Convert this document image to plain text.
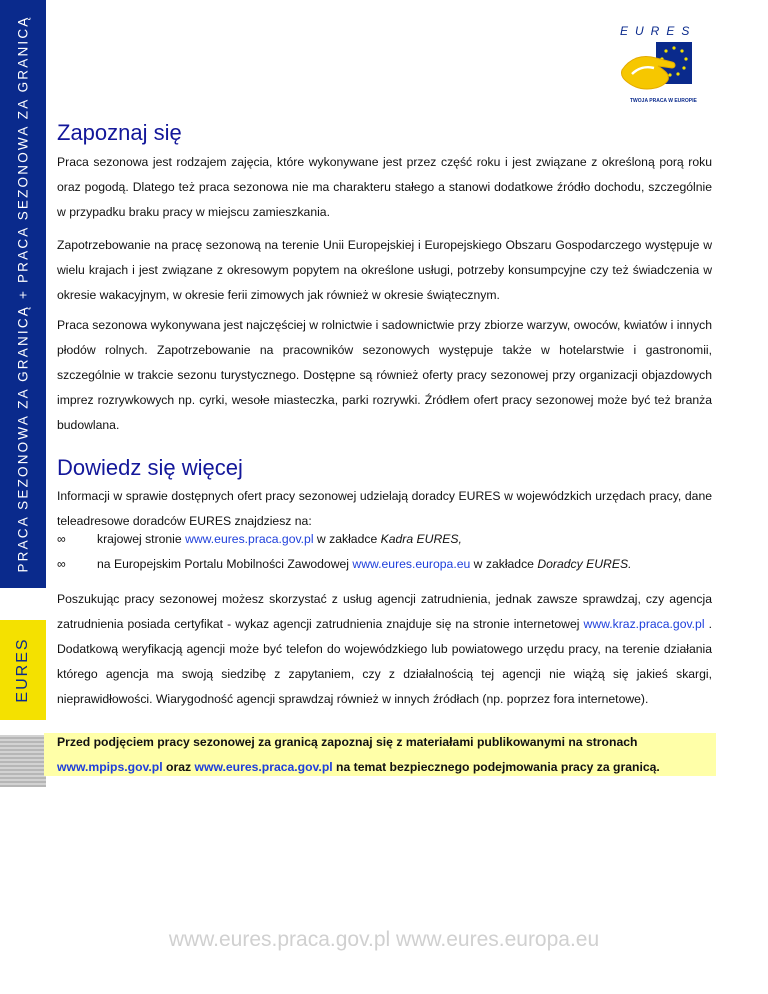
PRACA SEZONOWA ZA GRANICĄ + PRACA SEZONOWA ZA GRANICĄ
EURES
EURES
TWOJA PRACA W EUROPIE
Zapoznaj się

Praca sezonowa jest rodzajem zajęcia, które wykonywane jest przez część roku i jest związane z określoną porą roku oraz pogodą. Dlatego też praca sezonowa nie ma charakteru stałego a stanowi dodatkowe źródło dochodu, szczególnie w przypadku braku pracy w miejscu zamieszkania.

Zapotrzebowanie na pracę sezonową na terenie Unii Europejskiej i Europejskiego Obszaru Gospodarczego występuje w wielu krajach i jest związane z okresowym popytem na określone usługi, potrzeby konsumpcyjne czy też świadczenia w okresie wakacyjnym, w okresie ferii zimowych jak również w okresie świątecznym.

Praca sezonowa wykonywana jest najczęściej w rolnictwie i sadownictwie przy zbiorze warzyw, owoców, kwiatów i innych płodów rolnych. Zapotrzebowanie na pracowników sezonowych występuje także w hotelarstwie i gastronomii, szczególnie w trakcie sezonu turystycznego. Dostępne są również oferty pracy sezonowej przy organizacji objazdowych imprez rozrywkowych np. cyrki, wesołe miasteczka, parki rozrywki. Źródłem ofert pracy sezonowej może być też branża budowlana.

Dowiedz się więcej

Informacji w sprawie dostępnych ofert pracy sezonowej udzielają doradcy EURES w wojewódzkich urzędach pracy, dane teleadresowe doradców EURES znajdziesz na:

∞	krajowej stronie www.eures.praca.gov.pl w zakładce Kadra EURES,
∞	na Europejskim Portalu Mobilności Zawodowej www.eures.europa.eu w zakładce Doradcy EURES.

Poszukując pracy sezonowej możesz skorzystać z usług agencji zatrudnienia, jednak zawsze sprawdzaj, czy agencja zatrudnienia posiada certyfikat - wykaz agencji zatrudnienia znajduje się na stronie internetowej www.kraz.praca.gov.pl . Dodatkową weryfikacją agencji może być telefon do wojewódzkiego lub powiatowego urzędu pracy, na terenie działania którego agencja ma swoją siedzibę z zapytaniem, czy z działalnością tej agencji nie wiążą się jakieś skargi, nieprawidłowości. Wiarygodność agencji sprawdzaj również w innych źródłach (np. poprzez fora internetowe).

Przed podjęciem pracy sezonowej za granicą zapoznaj się z materiałami publikowanymi na stronach
www.mpips.gov.pl oraz www.eures.praca.gov.pl na temat bezpiecznego podejmowania pracy za granicą.
www.eures.praca.gov.pl www.eures.europa.eu
